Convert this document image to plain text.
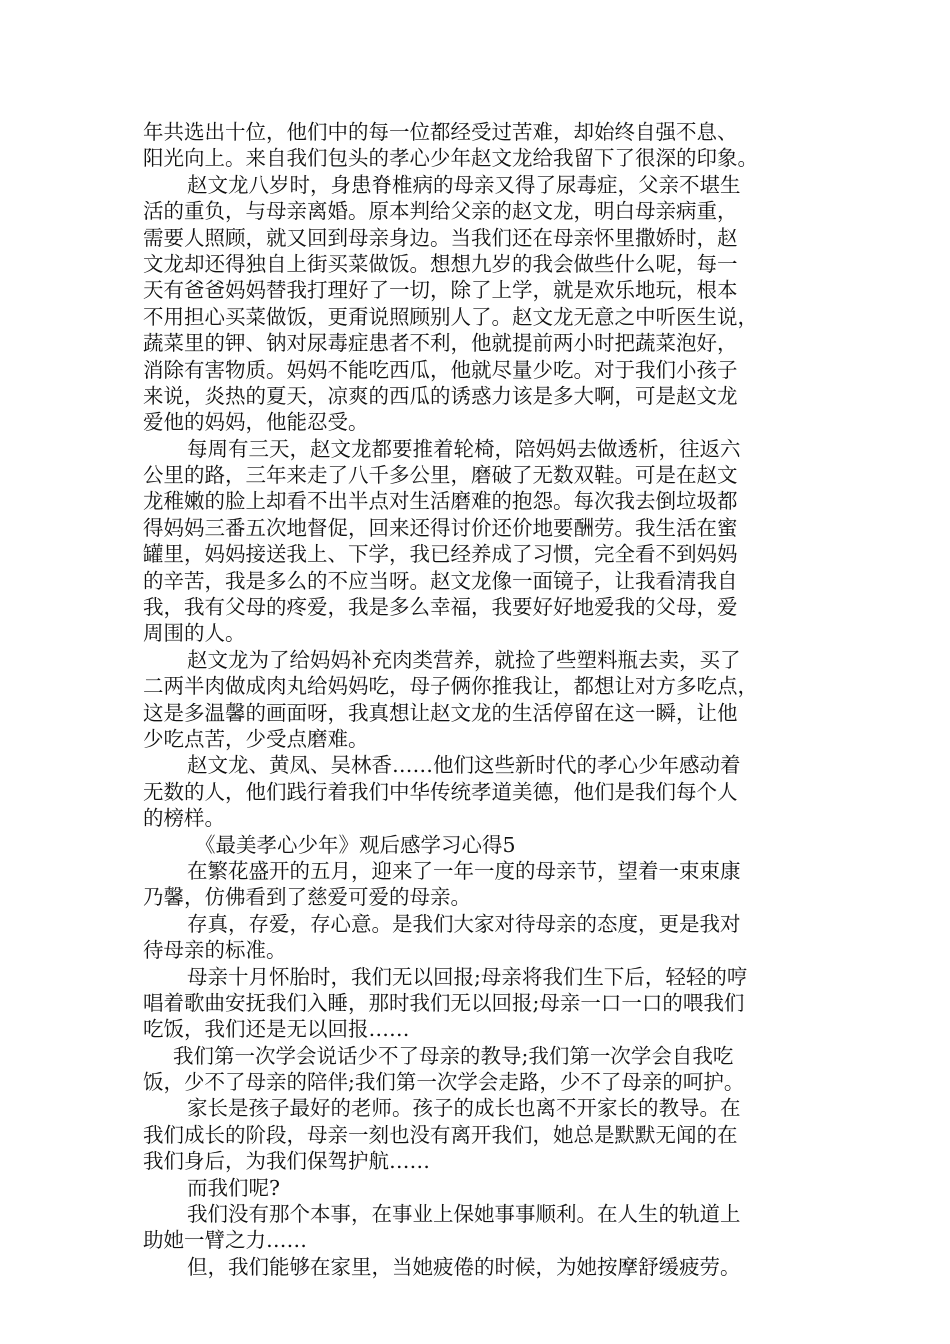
年共选出十位，他们中的每一位都经受过苦难，却始终自强不息、
阳光向上。来自我们包头的孝心少年赵文龙给我留下了很深的印象。
赵文龙八岁时，身患脊椎病的母亲又得了尿毒症，父亲不堪生
活的重负，与母亲离婚。原本判给父亲的赵文龙，明白母亲病重，
需要人照顾，就又回到母亲身边。当我们还在母亲怀里撒娇时，赵
文龙却还得独自上街买菜做饭。想想九岁的我会做些什么呢，每一
天有爸爸妈妈替我打理好了一切，除了上学，就是欢乐地玩，根本
不用担心买菜做饭，更甭说照顾别人了。赵文龙无意之中听医生说，
蔬菜里的钾、钠对尿毒症患者不利，他就提前两小时把蔬菜泡好，
消除有害物质。妈妈不能吃西瓜，他就尽量少吃。对于我们小孩子
来说，炎热的夏天，凉爽的西瓜的诱惑力该是多大啊，可是赵文龙
爱他的妈妈，他能忍受。
每周有三天，赵文龙都要推着轮椅，陪妈妈去做透析，往返六
公里的路，三年来走了八千多公里，磨破了无数双鞋。可是在赵文
龙稚嫩的脸上却看不出半点对生活磨难的抱怨。每次我去倒垃圾都
得妈妈三番五次地督促，回来还得讨价还价地要酬劳。我生活在蜜
罐里，妈妈接送我上、下学，我已经养成了习惯，完全看不到妈妈
的辛苦，我是多么的不应当呀。赵文龙像一面镜子，让我看清我自
我，我有父母的疼爱，我是多么幸福，我要好好地爱我的父母，爱
周围的人。
赵文龙为了给妈妈补充肉类营养，就捡了些塑料瓶去卖，买了
二两半肉做成肉丸给妈妈吃，母子俩你推我让，都想让对方多吃点，
这是多温馨的画面呀，我真想让赵文龙的生活停留在这一瞬，让他
少吃点苦，少受点磨难。
赵文龙、黄凤、吴林香……他们这些新时代的孝心少年感动着
无数的人，他们践行着我们中华传统孝道美德，他们是我们每个人
的榜样。
《最美孝心少年》观后感学习心得5
在繁花盛开的五月，迎来了一年一度的母亲节，望着一束束康
乃馨，仿佛看到了慈爱可爱的母亲。
存真，存爱，存心意。是我们大家对待母亲的态度，更是我对
待母亲的标准。
母亲十月怀胎时，我们无以回报;母亲将我们生下后，轻轻的哼
唱着歌曲安抚我们入睡，那时我们无以回报;母亲一口一口的喂我们
吃饭，我们还是无以回报……
我们第一次学会说话少不了母亲的教导;我们第一次学会自我吃
饭，少不了母亲的陪伴;我们第一次学会走路，少不了母亲的呵护。
家长是孩子最好的老师。孩子的成长也离不开家长的教导。在
我们成长的阶段，母亲一刻也没有离开我们，她总是默默无闻的在
我们身后，为我们保驾护航……
而我们呢?
我们没有那个本事，在事业上保她事事顺利。在人生的轨道上
助她一臂之力……
但，我们能够在家里，当她疲倦的时候，为她按摩舒缓疲劳。
